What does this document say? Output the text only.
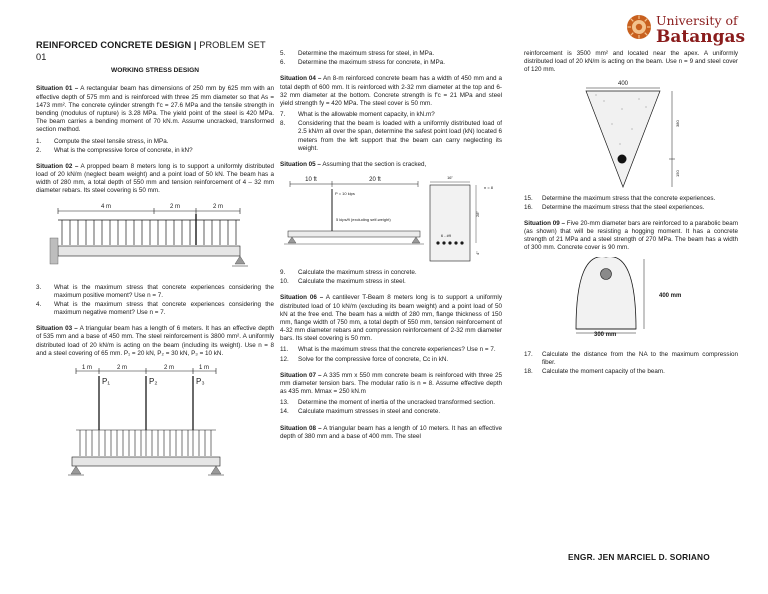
University of
Batangas
REINFORCED CONCRETE DESIGN | PROBLEM SET 01
WORKING STRESS DESIGN

Situation 01 – A rectangular beam has dimensions of 250 mm by 625 mm with an effective depth of 575 mm and is reinforced with three 25 mm diameter so that As = 1473 mm². The concrete cylinder strength f'c = 27.6 MPa and the tensile strength in bending (modulus of rupture) is 3.28 MPa. The yield point of the steel is 420 MPa. The beam carries a bending moment of 70 kN.m. Assume uncracked, transformed section method.

1.	Compute the steel tensile stress, in MPa.
2.	What is the compressive force of concrete, in kN?

Situation 02 – A propped beam 8 meters long is to support a uniformly distributed load of 20 kN/m (neglect beam weight) and a point load of 50 kN. The beam has a width of 280 mm, a total depth of 550 mm and tension reinforcement of 4 – 32 mm diameter rebars. Its steel covering is 50 mm.

4 m	2 m	2 m
3.	What is the maximum stress that concrete experiences considering the maximum positive moment? Use n = 7.
4.	What is the maximum stress that concrete experiences considering the maximum negative moment? Use n = 7.

Situation 03 – A triangular beam has a length of 6 meters. It has an effective depth of 535 mm and a base of 450 mm. The steel reinforcement is 3800 mm². A uniformly distributed load of 20 kN/m is acting on the beam (including its weight). Use n = 8 and a steel covering of 65 mm. P₁ = 20 kN, P₂ = 30 kN, P₃ = 10 kN.

1 m	2 m	2 m	1 m
P₁	P₂	P₃
5.	Determine the maximum stress for steel, in MPa.
6.	Determine the maximum stress for concrete, in MPa.

Situation 04 – An 8-m reinforced concrete beam has a width of 450 mm and a total depth of 600 mm. It is reinforced with 2-32 mm diameter at the top and 6-32 mm diameter at the bottom. Concrete strength is f'c = 21 MPa and steel yield strength fy = 420 MPa. The steel cover is 50 mm.

7.	What is the allowable moment capacity, in kN.m?
8.	Considering that the beam is loaded with a uniformly distributed load of 2.5 kN/m all over the span, determine the safest point load (kN) located 6 meters from the left support that the beam can carry neglecting its weight.

Situation 05 – Assuming that the section is cracked,

10 ft	20 ft
P = 10 kips
5 kips/ft (excluding self-weight)
16"
6 - #9
28"
4"
n = 8
9.	Calculate the maximum stress in concrete.
10.	Calculate the maximum stress in steel.

Situation 06 – A cantilever T-Beam 8 meters long is to support a uniformly distributed load of 10 kN/m (excluding its beam weight) and a point load of 50 kN at the free end. The beam has a width of 280 mm, flange thickness of 150 mm, flange width of 750 mm, a total depth of 550 mm, tension reinforcement of 4-32 mm diameter rebars and compression reinforcement of 2-32 mm diameter bars. Its steel covering is 50 mm.

11.	What is the maximum stress that the concrete experiences? Use n = 7.
12.	Solve for the compressive force of concrete, Cc in kN.

Situation 07 – A 335 mm x 550 mm concrete beam is reinforced with three 25 mm diameter tension bars. The modular ratio is n = 8. Assume effective depth as 435 mm. Mmax = 250 kN.m

13.	Determine the moment of inertia of the uncracked transformed section.
14.	Calculate maximum stresses in steel and concrete.

Situation 08 – A triangular beam has a length of 10 meters. It has an effective depth of 380 mm and a base of 400 mm. The steel

reinforcement is 3500 mm² and located near the apex. A uniformly distributed load of 20 kN/m is acting on the beam. Use n = 9 and steel cover of 120 mm.

400
380
150
15.	Determine the maximum stress that the concrete experiences.
16.	Determine the maximum stress that the steel experiences.

Situation 09 – Five 20-mm diameter bars are reinforced to a parabolic beam (as shown) that will be resisting a hogging moment. It has a concrete strength of 21 MPa and a steel strength of 270 MPa. The beam has a width of 300 mm. Concrete cover is 90 mm.

400 mm
300 mm
17.	Calculate the distance from the NA to the maximum compression fiber.
18.	Calculate the moment capacity of the beam.
ENGR. JEN MARCIEL D. SORIANO
